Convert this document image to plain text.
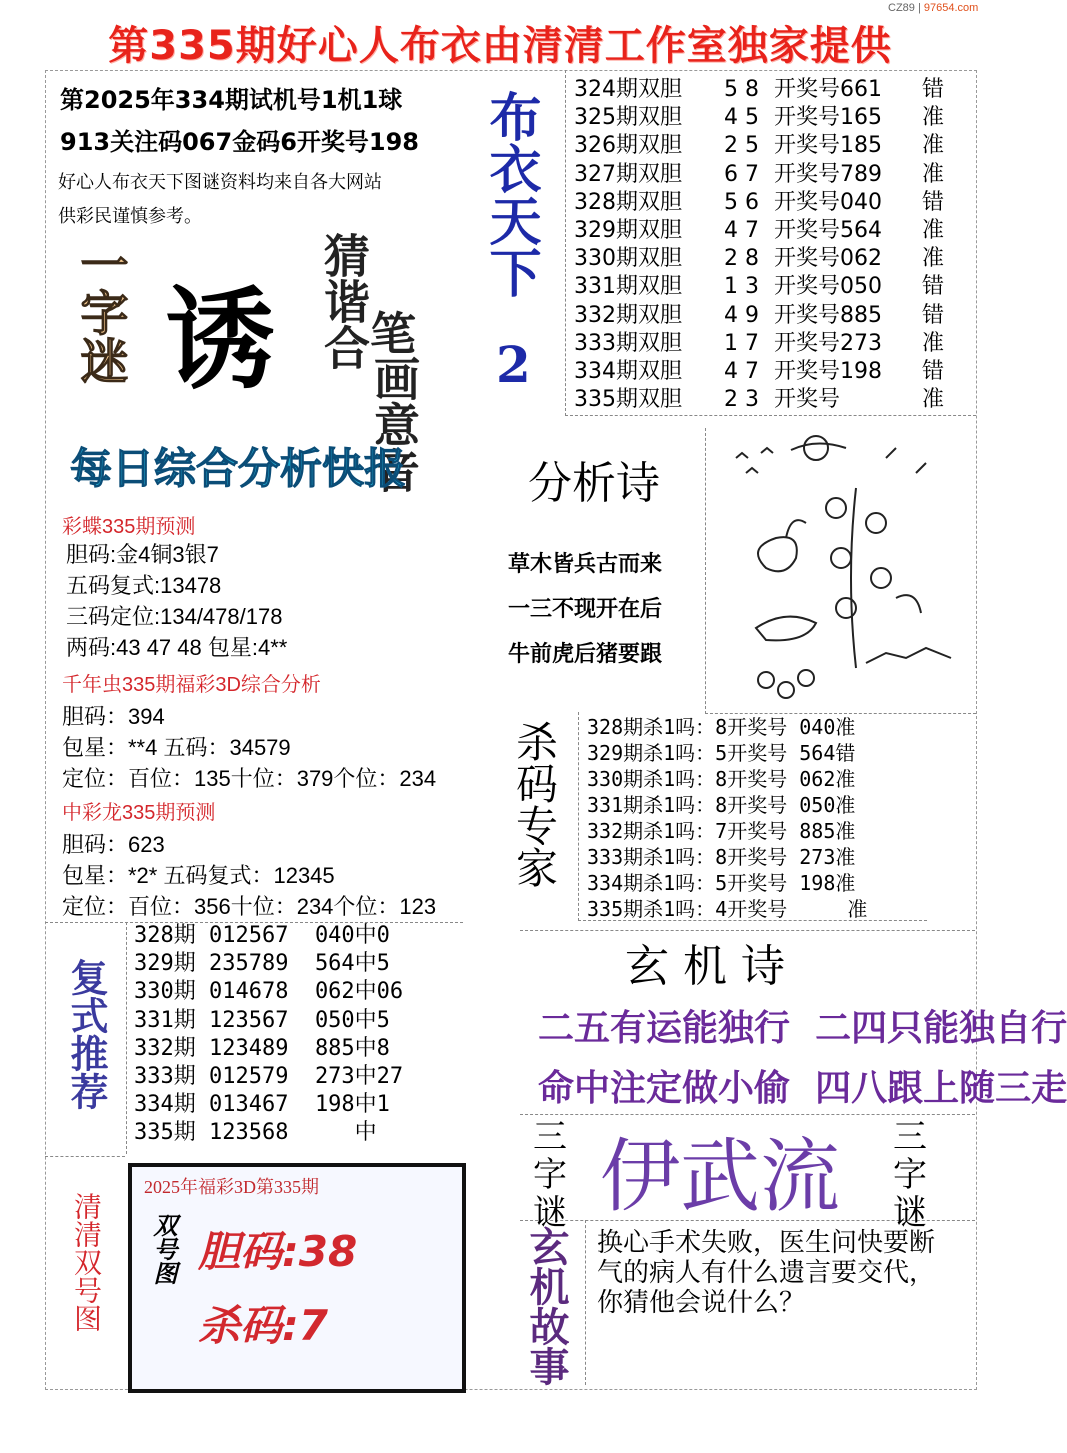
CZ89 | 97654.com
第335期好心人布衣由清清工作室独家提供
第2025年334期试机号1机1球
913关注码067金码6开奖号198
好心人布衣天下图谜资料均来自各大网站
供彩民谨慎参考。	布衣天下
2
一字迷 诱 猜谐合
画意音
笔
324期双胆 5 8 开奖号661 错
325期双胆 4 5 开奖号165 准
326期双胆 2 5 开奖号185 准
327期双胆 6 7 开奖号789 准
328期双胆 5 6 开奖号040 错
329期双胆 4 7 开奖号564 准
330期双胆 2 8 开奖号062 准
331期双胆 1 3 开奖号050 错
332期双胆 4 9 开奖号885 错
333期双胆 1 7 开奖号273 准
334期双胆 4 7 开奖号198 错
335期双胆 2 3 开奖号	准
每日综合分析快报
彩蝶335期预测
胆码:金4铜3银7
五码复式:13478
三码定位:134/478/178
两码:43 47 48 包星:4**
千年虫335期福彩3D综合分析
胆码：394
包星：**4 五码：34579
定位：百位：135十位：379个位：234
中彩龙335期预测
胆码：623
包星：*2* 五码复式：12345
定位：百位：356十位：234个位：123
分析诗
草木皆兵古而来
一三不现开在后
牛前虎后猪要跟
杀码专家 328期杀1吗：8开奖号 040准
329期杀1吗：5开奖号 564错
330期杀1吗：8开奖号 062准
331期杀1吗：8开奖号 050准
332期杀1吗：7开奖号 885准
333期杀1吗：8开奖号 273准
334期杀1吗：5开奖号 198准
335期杀1吗：4开奖号     准
复式推荐
328期 012567  040中0
329期 235789  564中5
330期 014678  062中06
331期 123567  050中5
332期 123489  885中8
333期 012579  273中27
334期 013467  198中1
335期 123568     中
玄 机 诗
二五有运能独行  二四只能独自行
命中注定做小偷  四八跟上随三走
三字谜 伊武流	三字谜
玄机故事 换心手术失败，医生问快要断气的病人有什么遗言要交代，你猜他会说什么？
清清双号图
2025年福彩3D第335期
双号图 胆码:38
杀码:7
